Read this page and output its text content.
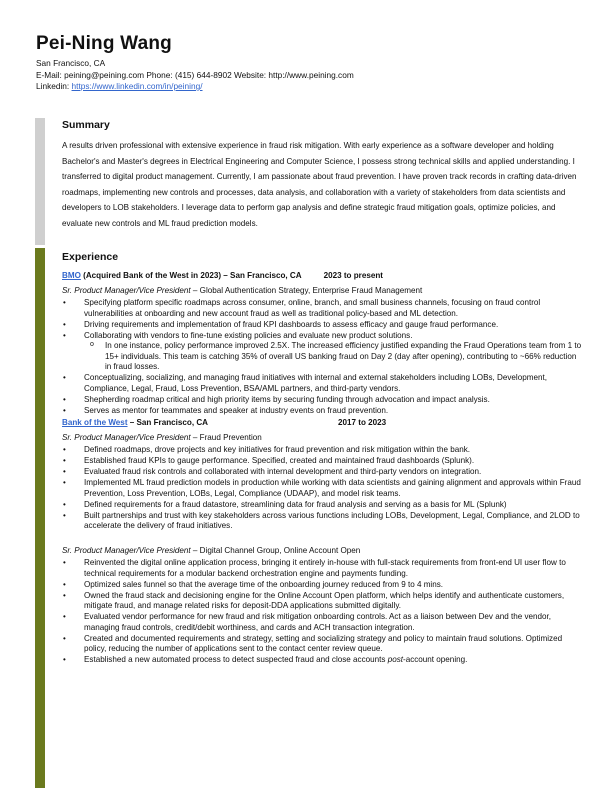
Pei-Ning Wang
San Francisco, CA
E-Mail: peining@peining.com Phone: (415) 644-8902 Website: http://www.peining.com
Linkedin: https://www.linkedin.com/in/peining/
Summary
A results driven professional with extensive experience in fraud risk mitigation. With early experience as a software developer and holding Bachelor's and Master's degrees in Electrical Engineering and Computer Science, I possess strong technical skills and applied understanding. I transferred to digital product management. Currently, I am passionate about fraud prevention. I have proven track records in crafting data-driven roadmaps, implementing new controls and processes, data analysis, and collaboration with a variety of stakeholders from data scientists and developers to LOB stakeholders. I leverage data to perform gap analysis and define strategic fraud mitigation goals, optimize policies, and evaluate new controls and ML fraud prediction models.
Experience
BMO (Acquired Bank of the West in 2023) – San Francisco, CA	2023 to present
Sr. Product Manager/Vice President – Global Authentication Strategy, Enterprise Fraud Management
• Specifying platform specific roadmaps across consumer, online, branch, and small business channels, focusing on fraud control vulnerabilities at onboarding and new account fraud as well as traditional policy-based and ML detection.
• Driving requirements and implementation of fraud KPI dashboards to assess efficacy and gauge fraud performance.
• Collaborating with vendors to fine-tune existing policies and evaluate new product solutions.
o In one instance, policy performance improved 2.5X. The increased efficiency justified expanding the Fraud Operations team from 1 to 15+ individuals. This team is catching 35% of overall US banking fraud on Day 2 (day after opening), contributing to ~66% reduction in fraud losses.
• Conceptualizing, socializing, and managing fraud initiatives with internal and external stakeholders including LOBs, Development, Compliance, Legal, Fraud, Loss Prevention, BSA/AML partners, and third-party vendors.
• Shepherding roadmap critical and high priority items by securing funding through advocation and impact analysis.
• Serves as mentor for teammates and speaker at industry events on fraud prevention.
Bank of the West – San Francisco, CA	2017 to 2023
Sr. Product Manager/Vice President – Fraud Prevention
• Defined roadmaps, drove projects and key initiatives for fraud prevention and risk mitigation within the bank.
• Established fraud KPIs to gauge performance. Specified, created and maintained fraud dashboards (Splunk).
• Evaluated fraud risk controls and collaborated with internal development and third-party vendors on integration.
• Implemented ML fraud prediction models in production while working with data scientists and gaining alignment and approvals within Fraud Prevention, Loss Prevention, LOBs, Legal, Compliance (UDAAP), and model risk teams.
• Defined requirements for a fraud datastore, streamlining data for fraud analysis and serving as a basis for ML (Splunk)
• Built partnerships and trust with key stakeholders across various functions including LOBs, Development, Legal, Compliance, and 2LOD to accelerate the delivery of fraud initiatives.
Sr. Product Manager/Vice President – Digital Channel Group, Online Account Open
• Reinvented the digital online application process, bringing it entirely in-house with full-stack requirements from front-end UI user flow to technical requirements for a modular backend orchestration engine and payments funding.
• Optimized sales funnel so that the average time of the onboarding journey reduced from 9 to 4 mins.
• Owned the fraud stack and decisioning engine for the Online Account Open platform, which helps identify and authenticate customers, mitigate fraud, and manage related risks for deposit-DDA applications submitted digitally.
• Evaluated vendor performance for new fraud and risk mitigation onboarding controls. Act as a liaison between Dev and the vendor, managing fraud controls, credit/debit worthiness, and cards and ACH transaction integration.
• Created and documented requirements and strategy, setting and socializing strategy and policy to maintain fraud solutions. Optimized policy, reducing the number of applications sent to the contact center review queue.
• Established a new automated process to detect suspected fraud and close accounts post-account opening.
